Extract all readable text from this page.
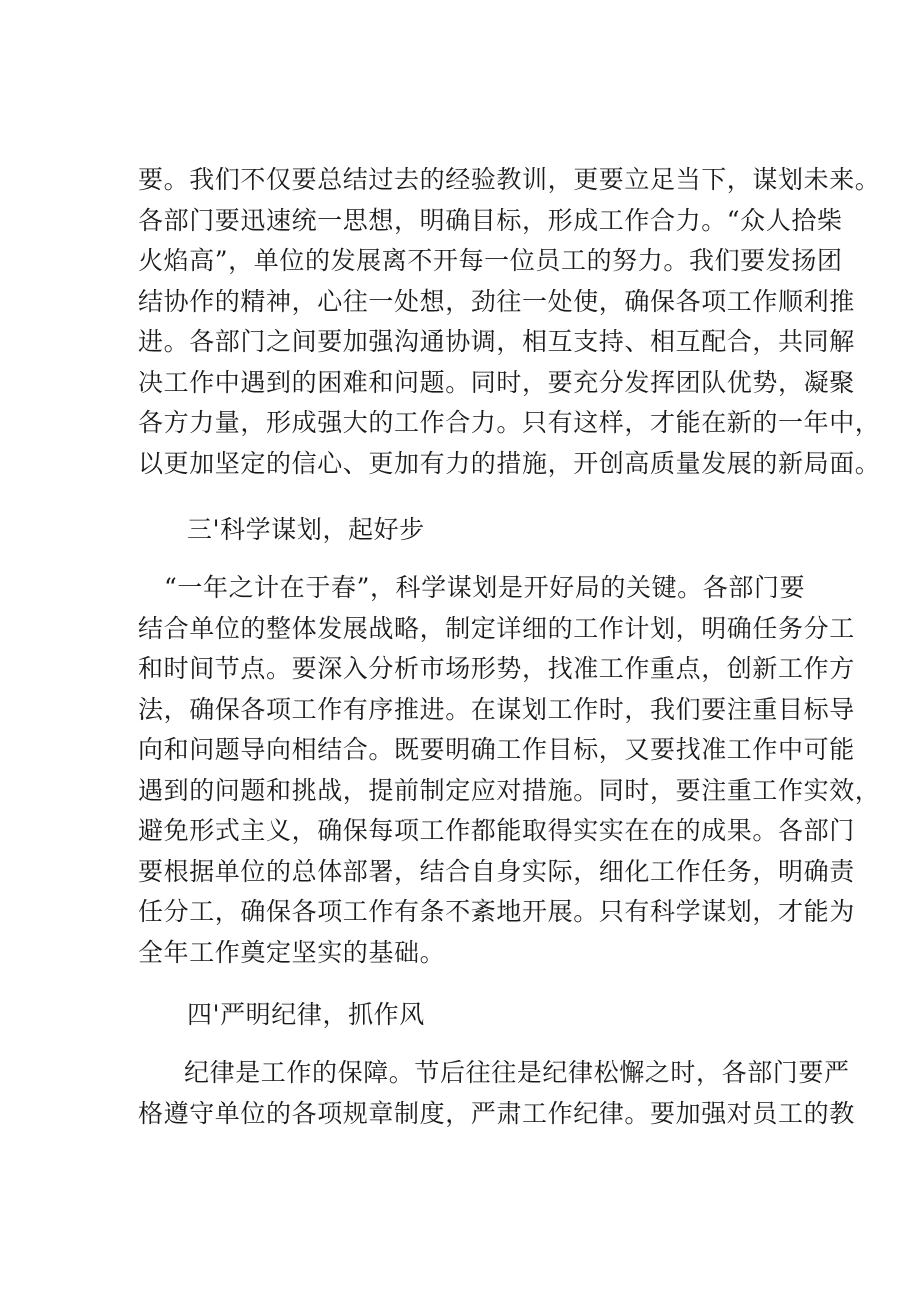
要。我们不仅要总结过去的经验教训，更要立足当下，谋划未来。
各部门要迅速统一思想，明确目标，形成工作合力。“众人拾柴
火焰高”，单位的发展离不开每一位员工的努力。我们要发扬团
结协作的精神，心往一处想，劲往一处使，确保各项工作顺利推
进。各部门之间要加强沟通协调，相互支持、相互配合，共同解
决工作中遇到的困难和问题。同时，要充分发挥团队优势，凝聚
各方力量，形成强大的工作合力。只有这样，才能在新的一年中，
以更加坚定的信心、更加有力的措施，开创高质量发展的新局面。
三'科学谋划，起好步
“一年之计在于春”，科学谋划是开好局的关键。各部门要
结合单位的整体发展战略，制定详细的工作计划，明确任务分工
和时间节点。要深入分析市场形势，找准工作重点，创新工作方
法，确保各项工作有序推进。在谋划工作时，我们要注重目标导
向和问题导向相结合。既要明确工作目标，又要找准工作中可能
遇到的问题和挑战，提前制定应对措施。同时，要注重工作实效，
避免形式主义，确保每项工作都能取得实实在在的成果。各部门
要根据单位的总体部署，结合自身实际，细化工作任务，明确责
任分工，确保各项工作有条不紊地开展。只有科学谋划，才能为
全年工作奠定坚实的基础。
四'严明纪律，抓作风
纪律是工作的保障。节后往往是纪律松懈之时，各部门要严
格遵守单位的各项规章制度，严肃工作纪律。要加强对员工的教
